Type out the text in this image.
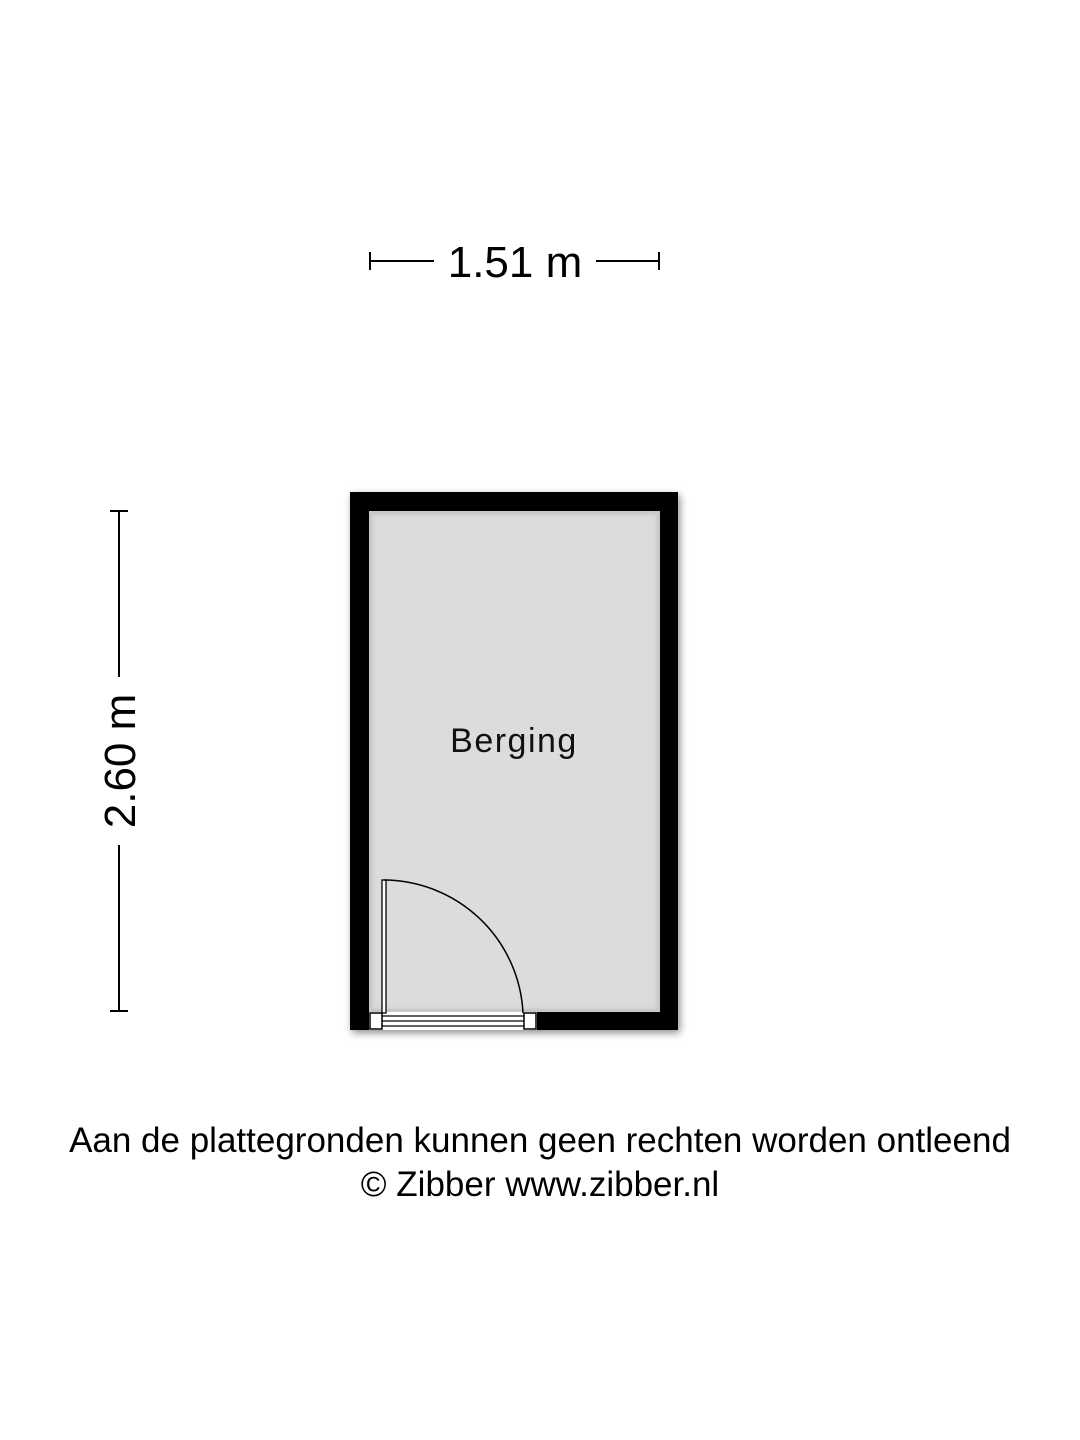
1.51 m
2.60 m	Berging
Aan de plattegronden kunnen geen rechten worden ontleend
© Zibber www.zibber.nl
